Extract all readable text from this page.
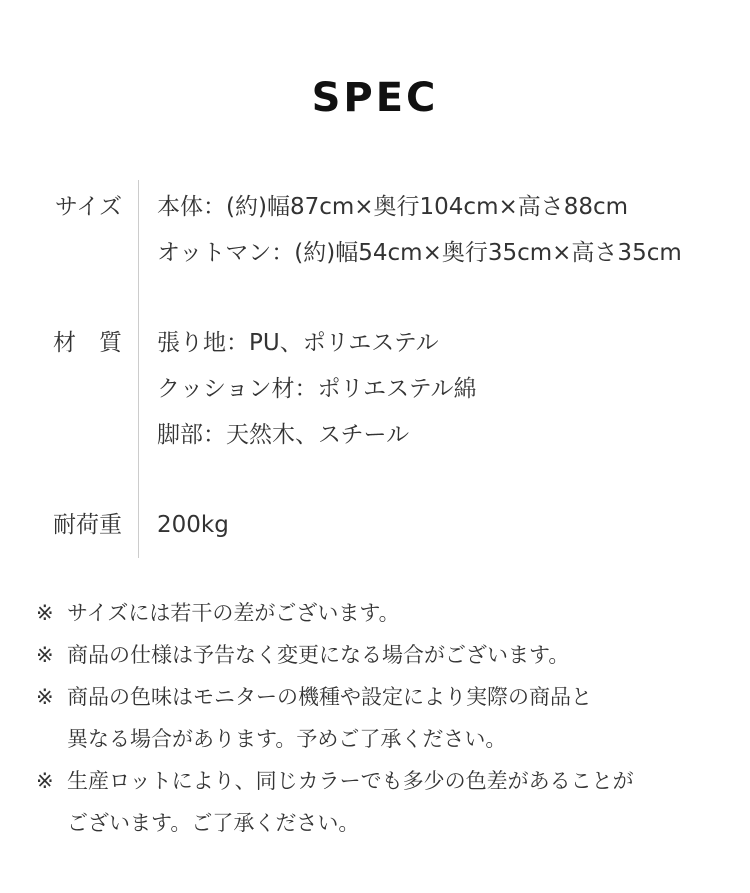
SPEC
サイズ 本体：(約)幅87cm×奥行104cm×高さ88cm
オットマン：(約)幅54cm×奥行35cm×高さ35cm
材　質 張り地：PU、ポリエステル
クッション材：ポリエステル綿
脚部：天然木、スチール
耐荷重 200kg
※ サイズには若干の差がございます。
※ 商品の仕様は予告なく変更になる場合がございます。
※ 商品の色味はモニターの機種や設定により実際の商品と
異なる場合があります。予めご了承ください。
※ 生産ロットにより、同じカラーでも多少の色差があることが
ございます。ご了承ください。
